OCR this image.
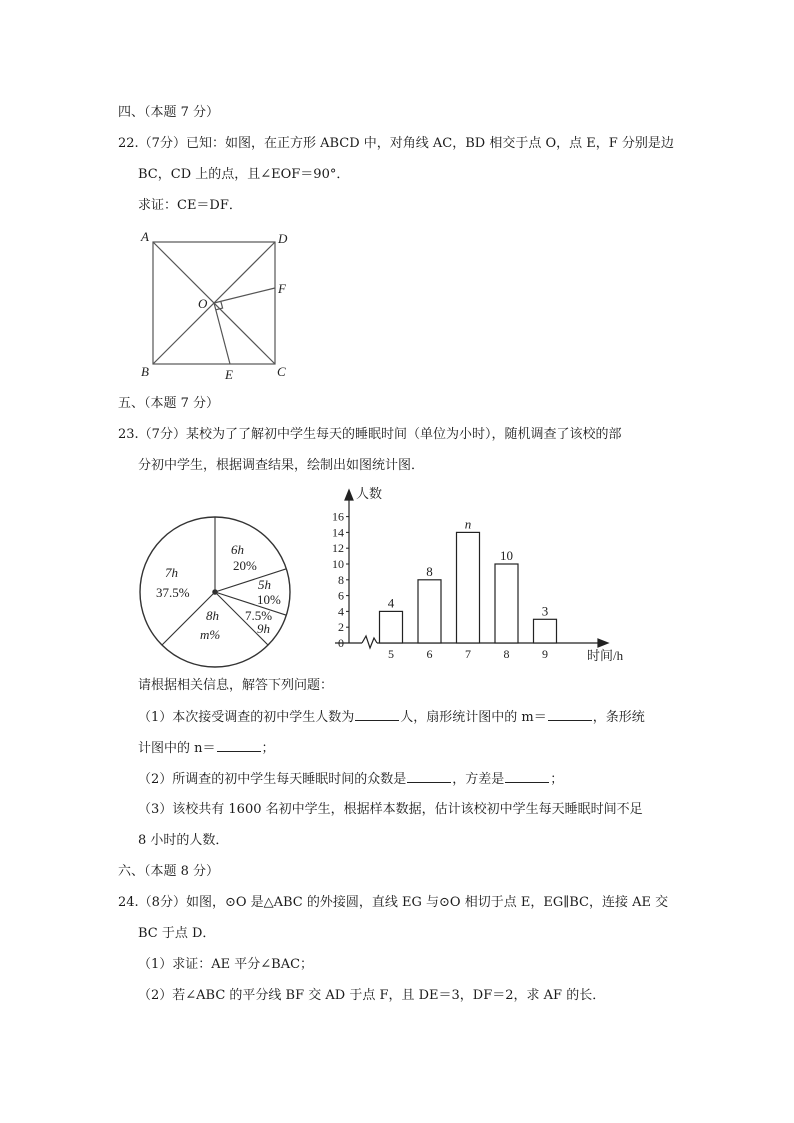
四、（本题 7 分）
22.（7分）已知：如图，在正方形 ABCD 中，对角线 AC，BD 相交于点 O，点 E，F 分别是边
BC，CD 上的点，且∠EOF＝90°．
求证：CE＝DF．
A	D
F
O
B	E	C
五、（本题 7 分）
23.（7分）某校为了了解初中学生每天的睡眠时间（单位为小时），随机调查了该校的部
分初中学生，根据调查结果，绘制出如图统计图．
6h
20%
5h
10%
7.5%
9h
8h
m%
7h
37.5%
0
2
4
6
8
10
12
14
16
4
5
8
6
n
7
10
8
3
9
人数
时间/h
请根据相关信息，解答下列问题：
（1）本次接受调查的初中学生人数为	人，扇形统计图中的 m＝	，条形统
计图中的 n＝	；
（2）所调查的初中学生每天睡眠时间的众数是	，方差是	；
（3）该校共有 1600 名初中学生，根据样本数据，估计该校初中学生每天睡眠时间不足
8 小时的人数．
六、（本题 8 分）
24.（8分）如图，⊙O 是△ABC 的外接圆，直线 EG 与⊙O 相切于点 E，EG∥BC，连接 AE 交
BC 于点 D．
（1）求证：AE 平分∠BAC；
（2）若∠ABC 的平分线 BF 交 AD 于点 F，且 DE＝3，DF＝2，求 AF 的长．
